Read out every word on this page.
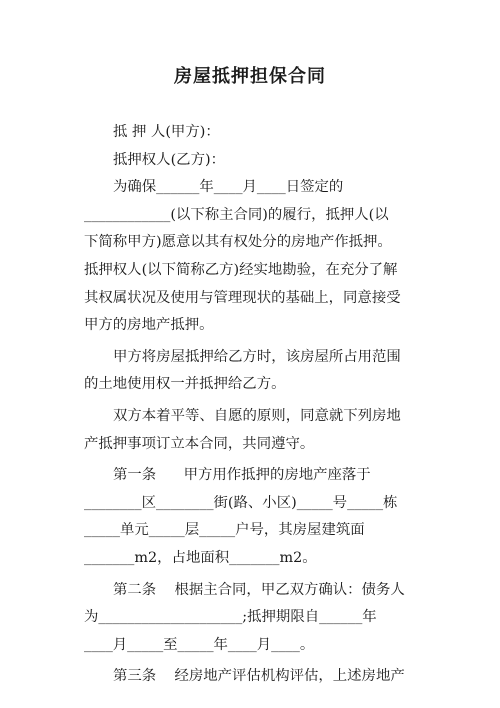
房屋抵押担保合同

抵 押 人(甲方)：

抵押权人(乙方)：

为确保______年____月____日签定的
____________(以下称主合同)的履行，抵押人(以
下简称甲方)愿意以其有权处分的房地产作抵押。
抵押权人(以下简称乙方)经实地勘验，在充分了解
其权属状况及使用与管理现状的基础上，同意接受
甲方的房地产抵押。

甲方将房屋抵押给乙方时，该房屋所占用范围
的土地使用权一并抵押给乙方。

双方本着平等、自愿的原则，同意就下列房地
产抵押事项订立本合同，共同遵守。

第一条      甲方用作抵押的房地产座落于
________区________街(路、小区)_____号_____栋
_____单元_____层_____户号，其房屋建筑面
_______m2，占地面积_______m2。

第二条    根据主合同，甲乙双方确认：债务人
为____________________;抵押期限自______年
____月_____至_____年____月____。

第三条    经房地产评估机构评估，上述房地产
